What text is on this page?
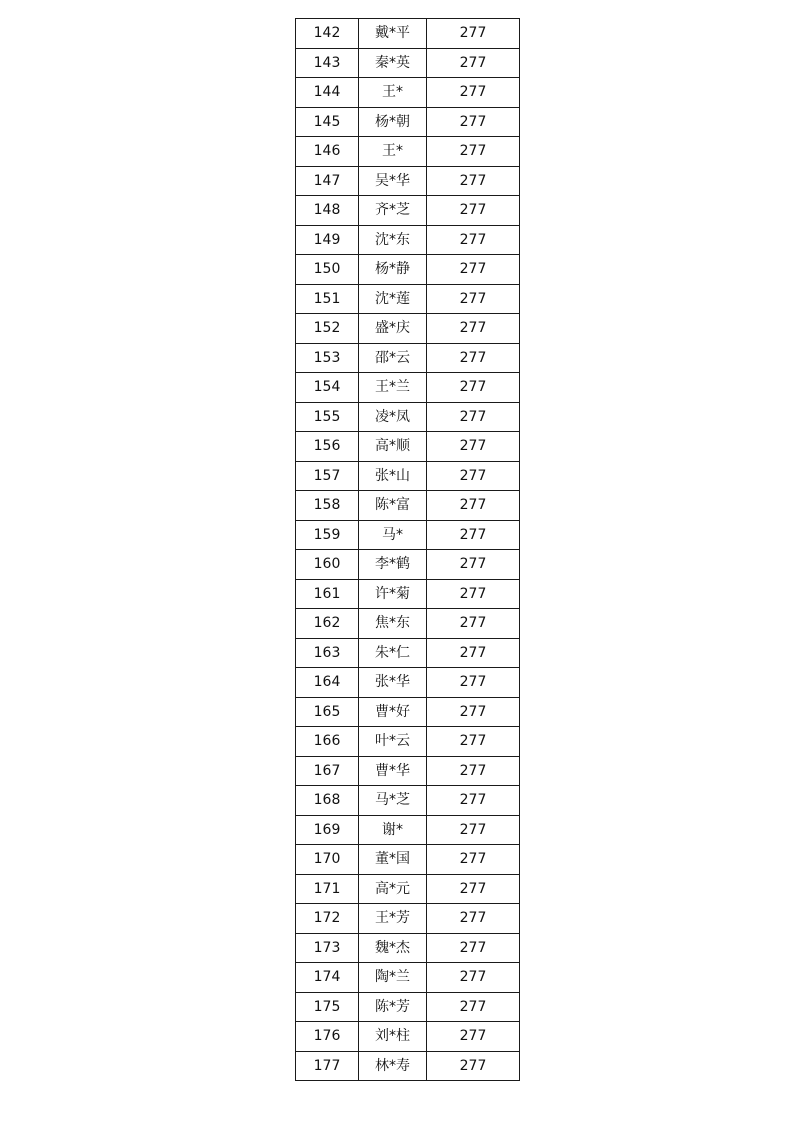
142	戴*平	277
143	秦*英	277
144	王*	277
145	杨*朝	277
146	王*	277
147	吴*华	277
148	齐*芝	277
149	沈*东	277
150	杨*静	277
151	沈*莲	277
152	盛*庆	277
153	邵*云	277
154	王*兰	277
155	凌*凤	277
156	高*顺	277
157	张*山	277
158	陈*富	277
159	马*	277
160	李*鹤	277
161	许*菊	277
162	焦*东	277
163	朱*仁	277
164	张*华	277
165	曹*好	277
166	叶*云	277
167	曹*华	277
168	马*芝	277
169	谢*	277
170	董*国	277
171	高*元	277
172	王*芳	277
173	魏*杰	277
174	陶*兰	277
175	陈*芳	277
176	刘*柱	277
177	林*寿	277
